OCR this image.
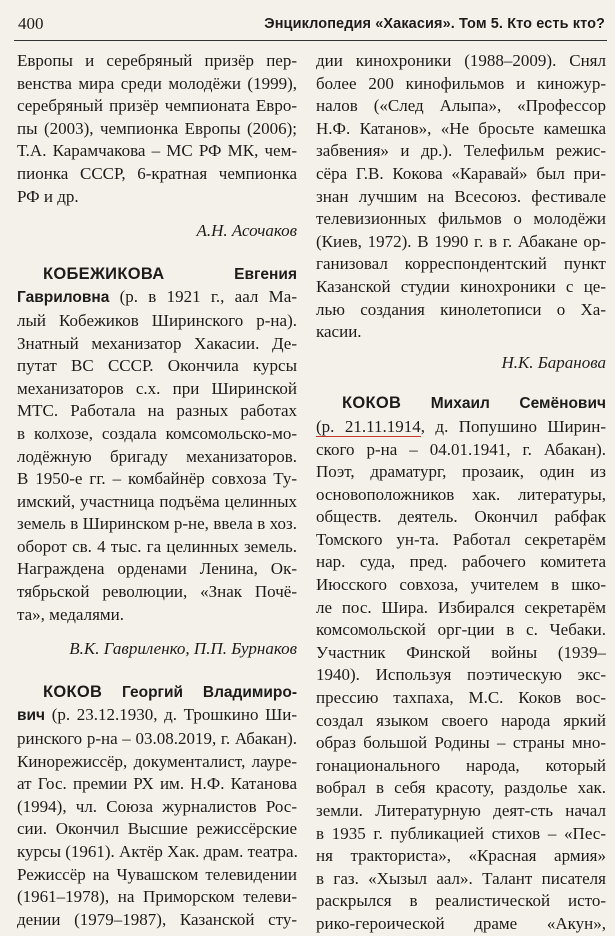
400	Энциклопедия «Хакасия». Том 5. Кто есть кто?
Европы и серебряный призёр пер-
венства мира среди молодёжи (1999),
серебряный призёр чемпионата Евро-
пы (2003), чемпионка Европы (2006);
Т.А. Карамчакова – МС РФ МК, чем-
пионка СССР, 6-кратная чемпионка
РФ и др.
А.Н. Асочаков
КОБЕЖИКОВА	Евгения
Гавриловна (р. в 1921 г., аал Ма-
лый Кобежиков Ширинского р-на).
Знатный механизатор Хакасии. Де-
путат ВС СССР. Окончила курсы
механизаторов с.х. при Ширинской
МТС. Работала на разных работах
в колхозе, создала комсомольско-мо-
лодёжную бригаду механизаторов.
В 1950-е гг. – комбайнёр совхоза Ту-
имский, участница подъёма целинных
земель в Ширинском р-не, ввела в хоз.
оборот св. 4 тыс. га целинных земель.
Награждена орденами Ленина, Ок-
тябрьской революции, «Знак Почё-
та», медалями.
В.К. Гавриленко, П.П. Бурнаков
КОКОВ Георгий Владимиро-
вич (р. 23.12.1930, д. Трошкино Ши-
ринского р-на – 03.08.2019, г. Абакан).
Кинорежиссёр, документалист, лауре-
ат Гос. премии РХ им. Н.Ф. Катанова
(1994), чл. Союза журналистов Рос-
сии. Окончил Высшие режиссёрские
курсы (1961). Актёр Хак. драм. театра.
Режиссёр на Чувашском телевидении
(1961–1978), на Приморском телеви-
дении (1979–1987), Казанской сту-
дии кинохроники (1988–2009). Снял
более 200 кинофильмов и киножур-
налов («След Алыпа», «Профессор
Н.Ф. Катанов», «Не бросьте камешка
забвения» и др.). Телефильм режис-
сёра Г.В. Кокова «Каравай» был при-
знан лучшим на Всесоюз. фестивале
телевизионных фильмов о молодёжи
(Киев, 1972). В 1990 г. в г. Абакане ор-
ганизовал корреспондентский пункт
Казанской студии кинохроники с це-
лью создания кинолетописи о Ха-
касии.
Н.К. Баранова
КОКОВ Михаил Семёнович
(р. 21.11.1914, д. Попушино Ширин-
ского р-на – 04.01.1941, г. Абакан).
Поэт, драматург, прозаик, один из
основоположников хак. литературы,
обществ. деятель. Окончил рабфак
Томского ун-та. Работал секретарём
нар. суда, пред. рабочего комитета
Июсского совхоза, учителем в шко-
ле пос. Шира. Избирался секретарём
комсомольской орг-ции в с. Чебаки.
Участник Финской войны (1939–
1940). Используя поэтическую экс-
прессию тахпаха, М.С. Коков вос-
создал языком своего народа яркий
образ большой Родины – страны мно-
гонационального народа, который
вобрал в себя красоту, раздолье хак.
земли. Литературную деят-сть начал
в 1935 г. публикацией стихов – «Пес-
ня тракториста», «Красная армия»
в газ. «Хызыл аал». Талант писателя
раскрылся в реалистической исто-
рико-героической драме «Акун»,
